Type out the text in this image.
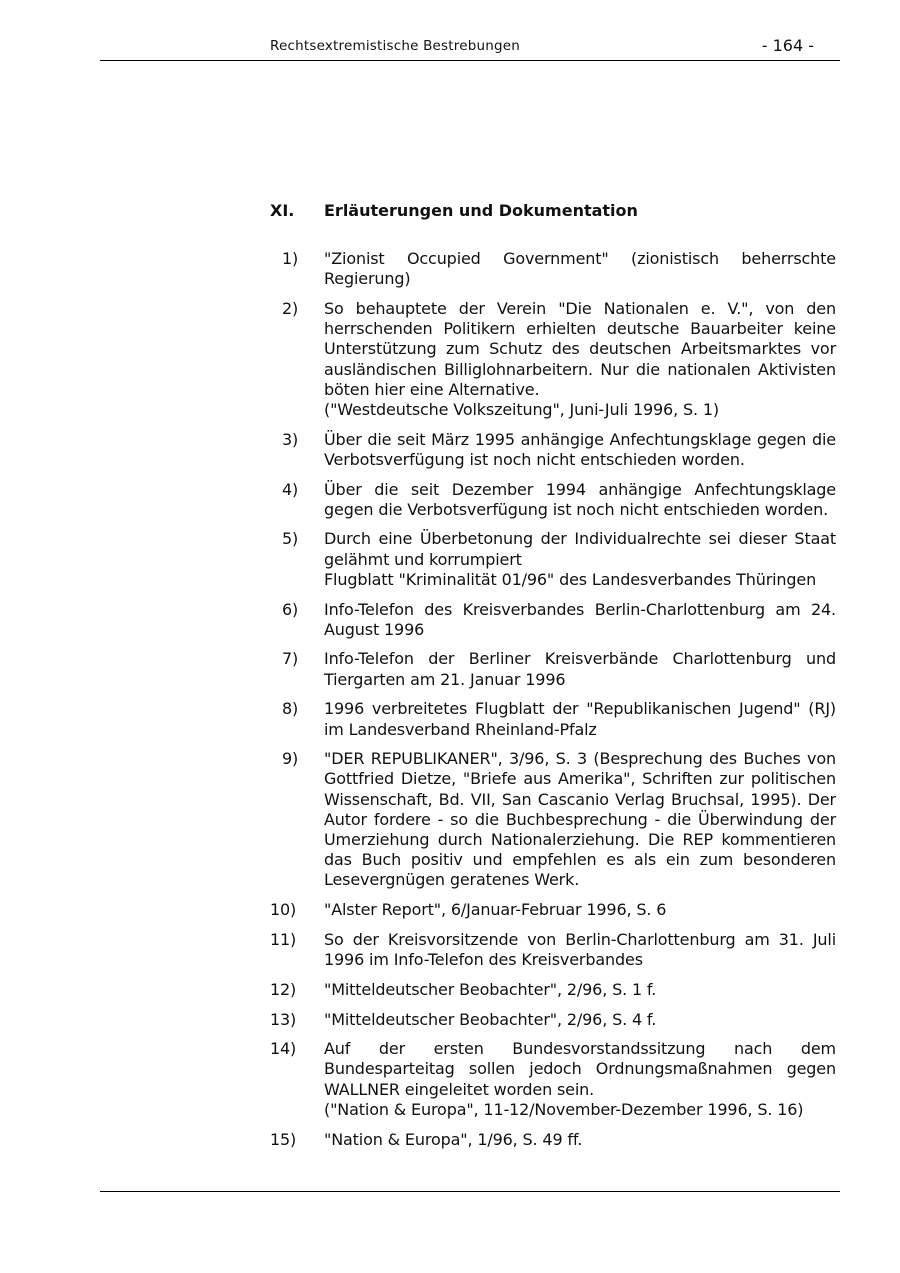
Rechtsextremistische Bestrebungen	- 164 -
XI.	Erläuterungen und Dokumentation
1)	"Zionist Occupied Government" (zionistisch beherrschte Regierung)
2)	So behauptete der Verein "Die Nationalen e. V.", von den herrschenden Politikern erhielten deutsche Bauarbeiter keine Unterstützung zum Schutz des deutschen Arbeitsmarktes vor ausländischen Billiglohnarbeitern. Nur die nationalen Aktivisten böten hier eine Alternative.
("Westdeutsche Volkszeitung", Juni-Juli 1996, S. 1)
3)	Über die seit März 1995 anhängige Anfechtungsklage gegen die Verbotsverfügung ist noch nicht entschieden worden.
4)	Über die seit Dezember 1994 anhängige Anfechtungsklage gegen die Verbotsverfügung ist noch nicht entschieden worden.
5)	Durch eine Überbetonung der Individualrechte sei dieser Staat gelähmt und korrumpiert
Flugblatt "Kriminalität 01/96" des Landesverbandes Thüringen
6)	Info-Telefon des Kreisverbandes Berlin-Charlottenburg am 24. August 1996
7)	Info-Telefon der Berliner Kreisverbände Charlottenburg und Tiergarten am 21. Januar 1996
8)	1996 verbreitetes Flugblatt der "Republikanischen Jugend" (RJ) im Landesverband Rheinland-Pfalz
9)	"DER REPUBLIKANER", 3/96, S. 3 (Besprechung des Buches von Gottfried Dietze, "Briefe aus Amerika", Schriften zur politischen Wissenschaft, Bd. VII, San Cascanio Verlag Bruchsal, 1995). Der Autor fordere - so die Buchbesprechung - die Überwindung der Umerziehung durch Nationalerziehung. Die REP kommentieren das Buch positiv und empfehlen es als ein zum besonderen Lesevergnügen geratenes Werk.
10)	"Alster Report", 6/Januar-Februar 1996, S. 6
11)	So der Kreisvorsitzende von Berlin-Charlottenburg am 31. Juli 1996 im Info-Telefon des Kreisverbandes
12)	"Mitteldeutscher Beobachter", 2/96, S. 1 f.
13)	"Mitteldeutscher Beobachter", 2/96, S. 4 f.
14)	Auf der ersten Bundesvorstandssitzung nach dem Bundesparteitag sollen jedoch Ordnungsmaßnahmen gegen WALLNER eingeleitet worden sein.
("Nation & Europa", 11-12/November-Dezember 1996, S. 16)
15)	"Nation & Europa", 1/96, S. 49 ff.
